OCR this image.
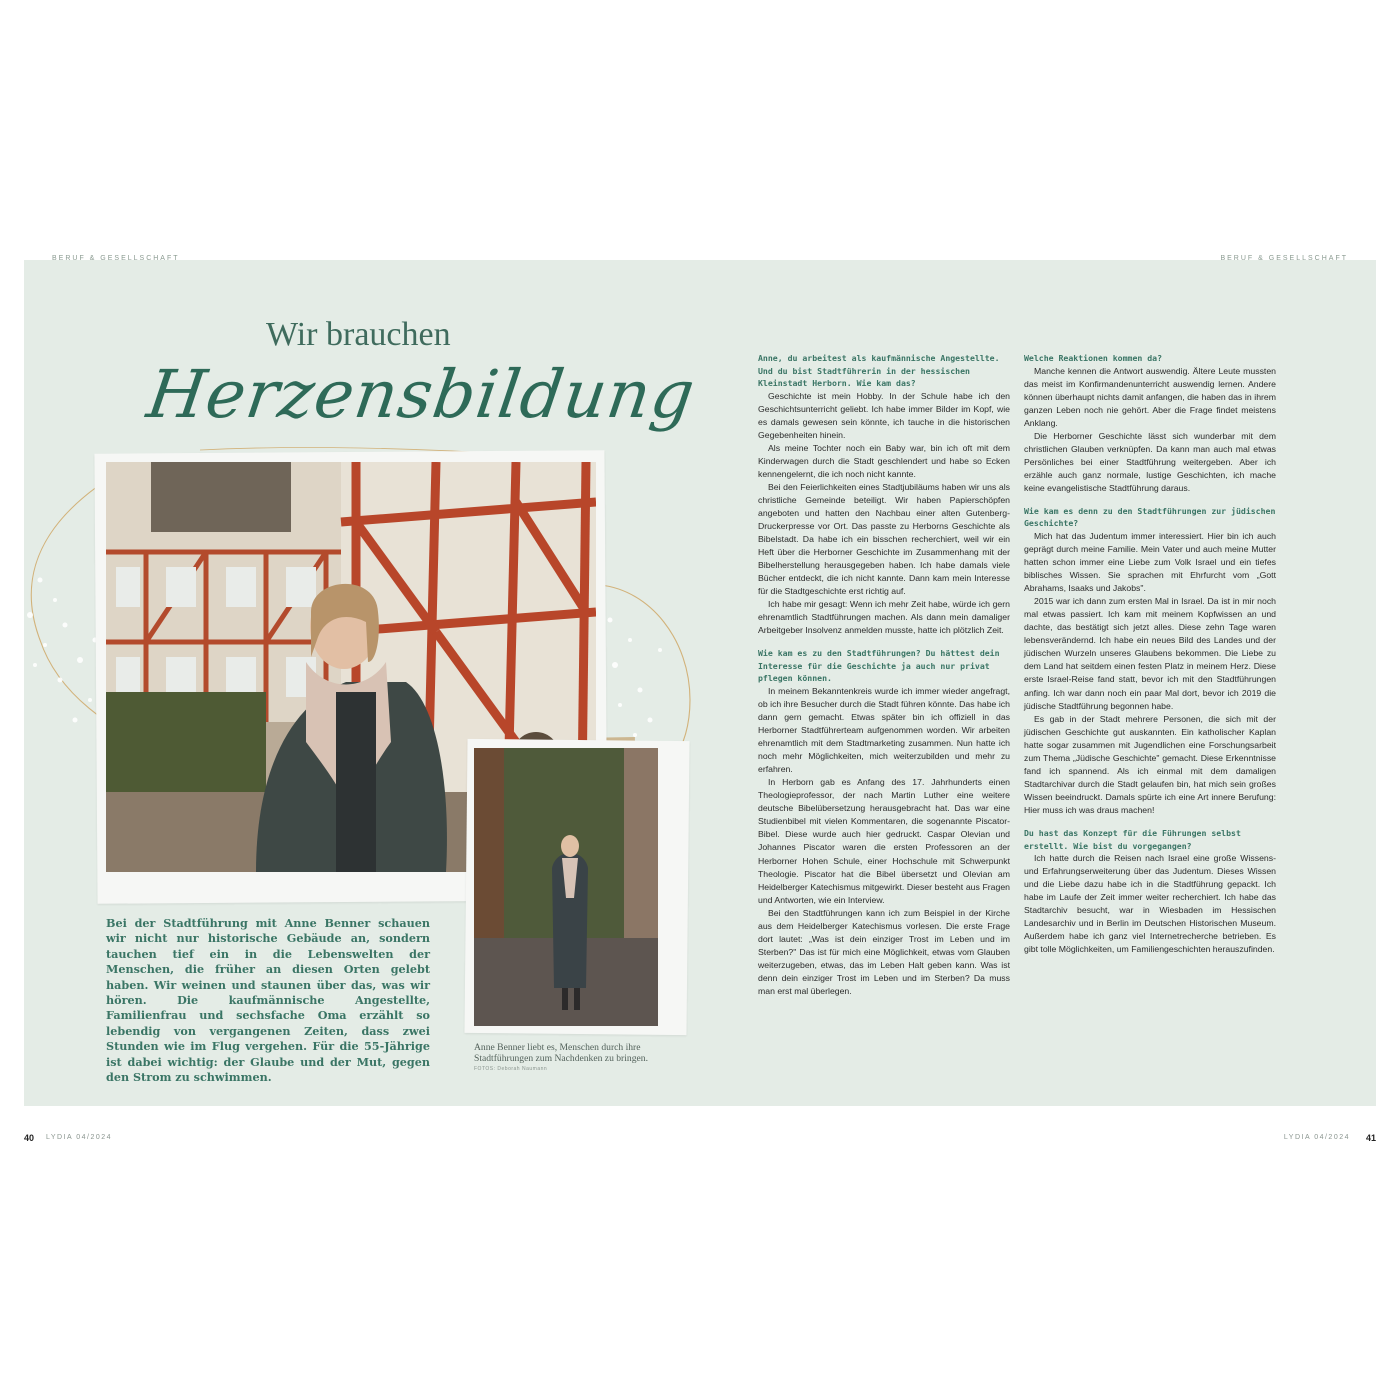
BERUF & GESELLSCHAFT	BERUF & GESELLSCHAFT
Wir brauchen
Herzensbildung
Bei der Stadtführung mit Anne Benner schauen wir nicht nur historische Gebäude an, sondern tauchen tief ein in die Lebenswelten der Menschen, die früher an diesen Orten gelebt haben. Wir weinen und staunen über das, was wir hören. Die kaufmännische Angestellte, Familienfrau und sechsfache Oma erzählt so lebendig von vergangenen Zeiten, dass zwei Stunden wie im Flug vergehen. Für die 55-Jährige ist dabei wichtig: der Glaube und der Mut, gegen den Strom zu schwimmen.
Anne Benner liebt es, Menschen durch ihre Stadtführungen zum Nachdenken zu bringen.
FOTOS: Deborah Naumann
Anne, du arbeitest als kaufmännische Angestellte. Und du bist Stadtführerin in der hessischen Kleinstadt Herborn. Wie kam das?

Geschichte ist mein Hobby. In der Schule habe ich den Geschichtsunterricht geliebt. Ich habe immer Bilder im Kopf, wie es damals gewesen sein könnte, ich tauche in die historischen Gegebenheiten hinein.

Als meine Tochter noch ein Baby war, bin ich oft mit dem Kinderwagen durch die Stadt geschlendert und habe so Ecken kennengelernt, die ich noch nicht kannte.

Bei den Feierlichkeiten eines Stadtjubiläums haben wir uns als christliche Gemeinde beteiligt. Wir haben Papierschöpfen angeboten und hatten den Nachbau einer alten Gutenberg-Druckerpresse vor Ort. Das passte zu Herborns Geschichte als Bibelstadt. Da habe ich ein bisschen recherchiert, weil wir ein Heft über die Herborner Geschichte im Zusammenhang mit der Bibelherstellung herausgegeben haben. Ich habe damals viele Bücher entdeckt, die ich nicht kannte. Dann kam mein Interesse für die Stadtgeschichte erst richtig auf.

Ich habe mir gesagt: Wenn ich mehr Zeit habe, würde ich gern ehrenamtlich Stadtführungen machen. Als dann mein damaliger Arbeitgeber Insolvenz anmelden musste, hatte ich plötzlich Zeit.

Wie kam es zu den Stadtführungen? Du hättest dein Interesse für die Geschichte ja auch nur privat pflegen können.

In meinem Bekanntenkreis wurde ich immer wieder angefragt, ob ich ihre Besucher durch die Stadt führen könnte. Das habe ich dann gern gemacht. Etwas später bin ich offiziell in das Herborner Stadtführerteam aufgenommen worden. Wir arbeiten ehrenamtlich mit dem Stadtmarketing zusammen. Nun hatte ich noch mehr Möglichkeiten, mich weiterzubilden und mehr zu erfahren.

In Herborn gab es Anfang des 17. Jahrhunderts einen Theologieprofessor, der nach Martin Luther eine weitere deutsche Bibelübersetzung herausgebracht hat. Das war eine Studienbibel mit vielen Kommentaren, die sogenannte Piscator-Bibel. Diese wurde auch hier gedruckt. Caspar Olevian und Johannes Piscator waren die ersten Professoren an der Herborner Hohen Schule, einer Hochschule mit Schwerpunkt Theologie. Piscator hat die Bibel übersetzt und Olevian am Heidelberger Katechismus mitgewirkt. Dieser besteht aus Fragen und Antworten, wie ein Interview.

Bei den Stadtführungen kann ich zum Beispiel in der Kirche aus dem Heidelberger Katechismus vorlesen. Die erste Frage dort lautet: „Was ist dein einziger Trost im Leben und im Sterben?" Das ist für mich eine Möglichkeit, etwas vom Glauben weiterzugeben, etwas, das im Leben Halt geben kann. Was ist denn dein einziger Trost im Leben und im Sterben? Da muss man erst mal überlegen.

Welche Reaktionen kommen da?

Manche kennen die Antwort auswendig. Ältere Leute mussten das meist im Konfirmandenunterricht auswendig lernen. Andere können überhaupt nichts damit anfangen, die haben das in ihrem ganzen Leben noch nie gehört. Aber die Frage findet meistens Anklang.

Die Herborner Geschichte lässt sich wunderbar mit dem christlichen Glauben verknüpfen. Da kann man auch mal etwas Persönliches bei einer Stadtführung weitergeben. Aber ich erzähle auch ganz normale, lustige Geschichten, ich mache keine evangelistische Stadtführung daraus.

Wie kam es denn zu den Stadtführungen zur jüdischen Geschichte?

Mich hat das Judentum immer interessiert. Hier bin ich auch geprägt durch meine Familie. Mein Vater und auch meine Mutter hatten schon immer eine Liebe zum Volk Israel und ein tiefes biblisches Wissen. Sie sprachen mit Ehrfurcht vom „Gott Abrahams, Isaaks und Jakobs".

2015 war ich dann zum ersten Mal in Israel. Da ist in mir noch mal etwas passiert. Ich kam mit meinem Kopfwissen an und dachte, das bestätigt sich jetzt alles. Diese zehn Tage waren lebensverändernd. Ich habe ein neues Bild des Landes und der jüdischen Wurzeln unseres Glaubens bekommen. Die Liebe zu dem Land hat seitdem einen festen Platz in meinem Herz. Diese erste Israel-Reise fand statt, bevor ich mit den Stadtführungen anfing. Ich war dann noch ein paar Mal dort, bevor ich 2019 die jüdische Stadtführung begonnen habe.

Es gab in der Stadt mehrere Personen, die sich mit der jüdischen Geschichte gut auskannten. Ein katholischer Kaplan hatte sogar zusammen mit Jugendlichen eine Forschungsarbeit zum Thema „Jüdische Geschichte" gemacht. Diese Erkenntnisse fand ich spannend. Als ich einmal mit dem damaligen Stadtarchivar durch die Stadt gelaufen bin, hat mich sein großes Wissen beeindruckt. Damals spürte ich eine Art innere Berufung: Hier muss ich was draus machen!

Du hast das Konzept für die Führungen selbst erstellt. Wie bist du vorgegangen?

Ich hatte durch die Reisen nach Israel eine große Wissens- und Erfahrungserweiterung über das Judentum. Dieses Wissen und die Liebe dazu habe ich in die Stadtführung gepackt. Ich habe im Laufe der Zeit immer weiter recherchiert. Ich habe das Stadtarchiv besucht, war in Wiesbaden im Hessischen Landesarchiv und in Berlin im Deutschen Historischen Museum. Außerdem habe ich ganz viel Internetrecherche betrieben. Es gibt tolle Möglichkeiten, um Familiengeschichten herauszufinden.

40 LYDIA 04/2024	LYDIA 04/2024 41
